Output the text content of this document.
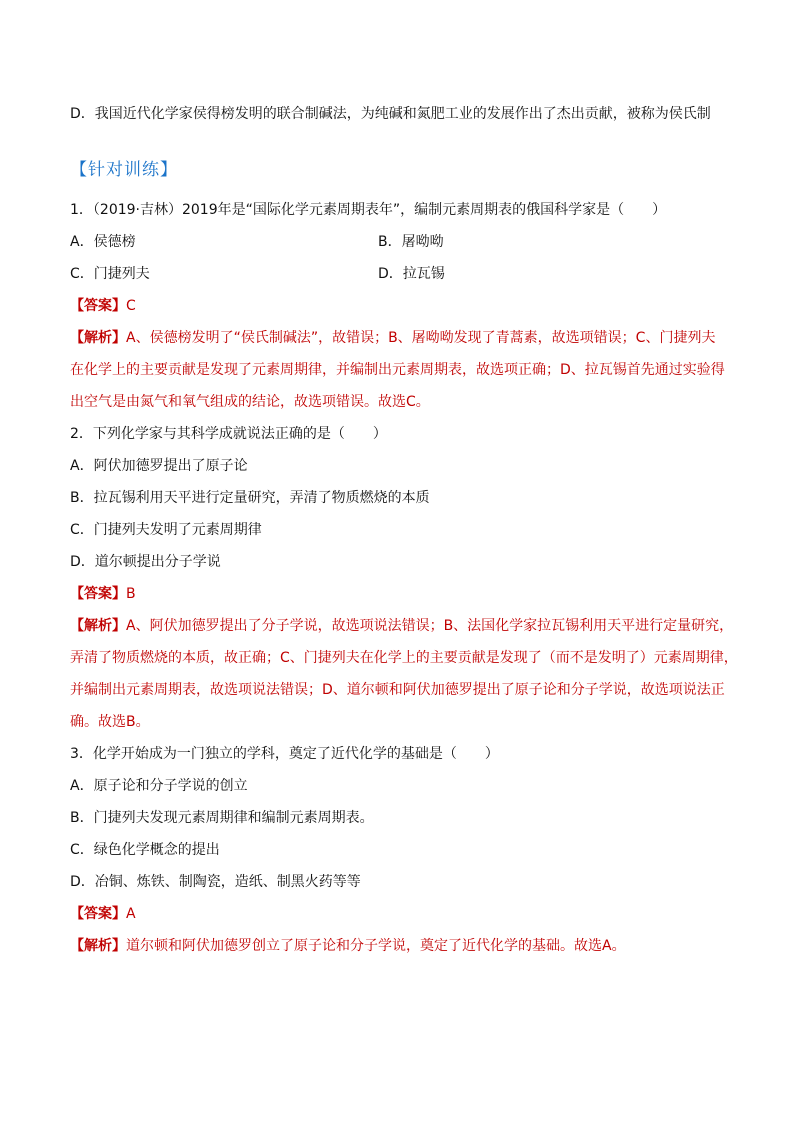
D．我国近代化学家侯得榜发明的联合制碱法，为纯碱和氮肥工业的发展作出了杰出贡献，被称为侯氏制
【针对训练】
1．（2019·吉林）2019年是“国际化学元素周期表年”，编制元素周期表的俄国科学家是（　　）
A．侯德榜	B．屠呦呦
C．门捷列夫	D．拉瓦锡
【答案】C
【解析】A、侯德榜发明了“侯氏制碱法”，故错误；B、屠呦呦发现了青蒿素，故选项错误；C、门捷列夫
在化学上的主要贡献是发现了元素周期律，并编制出元素周期表，故选项正确；D、拉瓦锡首先通过实验得
出空气是由氮气和氧气组成的结论，故选项错误。故选C。
2．下列化学家与其科学成就说法正确的是（　　）
A．阿伏加德罗提出了原子论
B．拉瓦锡利用天平进行定量研究，弄清了物质燃烧的本质
C．门捷列夫发明了元素周期律
D．道尔顿提出分子学说
【答案】B
【解析】A、阿伏加德罗提出了分子学说，故选项说法错误；B、法国化学家拉瓦锡利用天平进行定量研究，
弄清了物质燃烧的本质，故正确；C、门捷列夫在化学上的主要贡献是发现了（而不是发明了）元素周期律，
并编制出元素周期表，故选项说法错误；D、道尔顿和阿伏加德罗提出了原子论和分子学说，故选项说法正
确。故选B。
3．化学开始成为一门独立的学科，奠定了近代化学的基础是（　　）
A．原子论和分子学说的创立
B．门捷列夫发现元素周期律和编制元素周期表。
C．绿色化学概念的提出
D．冶铜、炼铁、制陶瓷，造纸、制黑火药等等
【答案】A
【解析】道尔顿和阿伏加德罗创立了原子论和分子学说，奠定了近代化学的基础。故选A。
